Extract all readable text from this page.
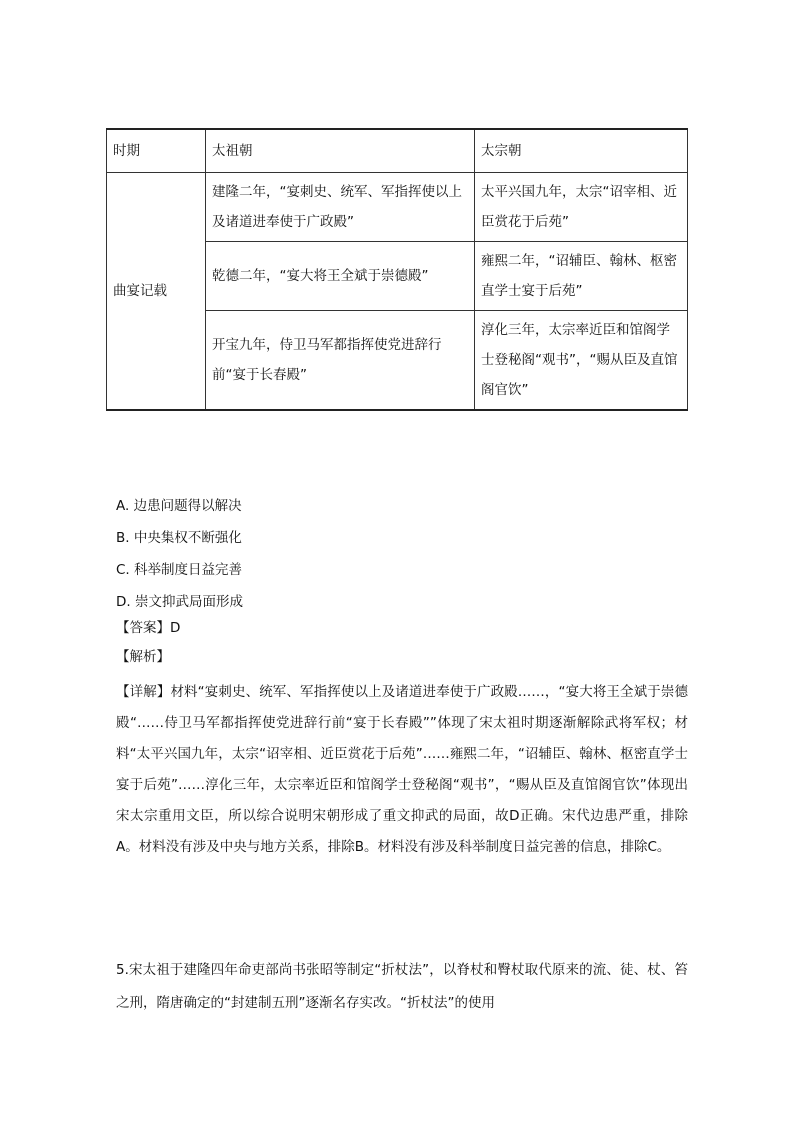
时期	太祖朝	太宗朝
曲宴记载	建隆二年，“宴刺史、统军、军指挥使以上及诸道进奉使于广政殿”	太平兴国九年，太宗“诏宰相、近臣赏花于后苑”
	乾德二年，“宴大将王全斌于崇德殿”	雍熙二年，“诏辅臣、翰林、枢密直学士宴于后苑”
	开宝九年，侍卫马军都指挥使党进辞行前“宴于长春殿”	淳化三年，太宗率近臣和馆阁学士登秘阁“观书”，“赐从臣及直馆阁官饮”
A. 边患问题得以解决
B. 中央集权不断强化
C. 科举制度日益完善
D. 崇文抑武局面形成
【答案】D
【解析】
【详解】材料“宴刺史、统军、军指挥使以上及诸道进奉使于广政殿……，“宴大将王全斌于崇德殿“……侍卫马军都指挥使党进辞行前“宴于长春殿””体现了宋太祖时期逐渐解除武将军权；材料“太平兴国九年，太宗“诏宰相、近臣赏花于后苑”……雍熙二年，“诏辅臣、翰林、枢密直学士宴于后苑”……淳化三年，太宗率近臣和馆阁学士登秘阁“观书”，“赐从臣及直馆阁官饮”体现出宋太宗重用文臣，所以综合说明宋朝形成了重文抑武的局面，故D正确。宋代边患严重，排除A。材料没有涉及中央与地方关系，排除B。材料没有涉及科举制度日益完善的信息，排除C。
5.宋太祖于建隆四年命吏部尚书张昭等制定“折杖法”，以脊杖和臀杖取代原来的流、徒、杖、笞之刑，隋唐确定的“封建制五刑”逐渐名存实改。“折杖法”的使用
